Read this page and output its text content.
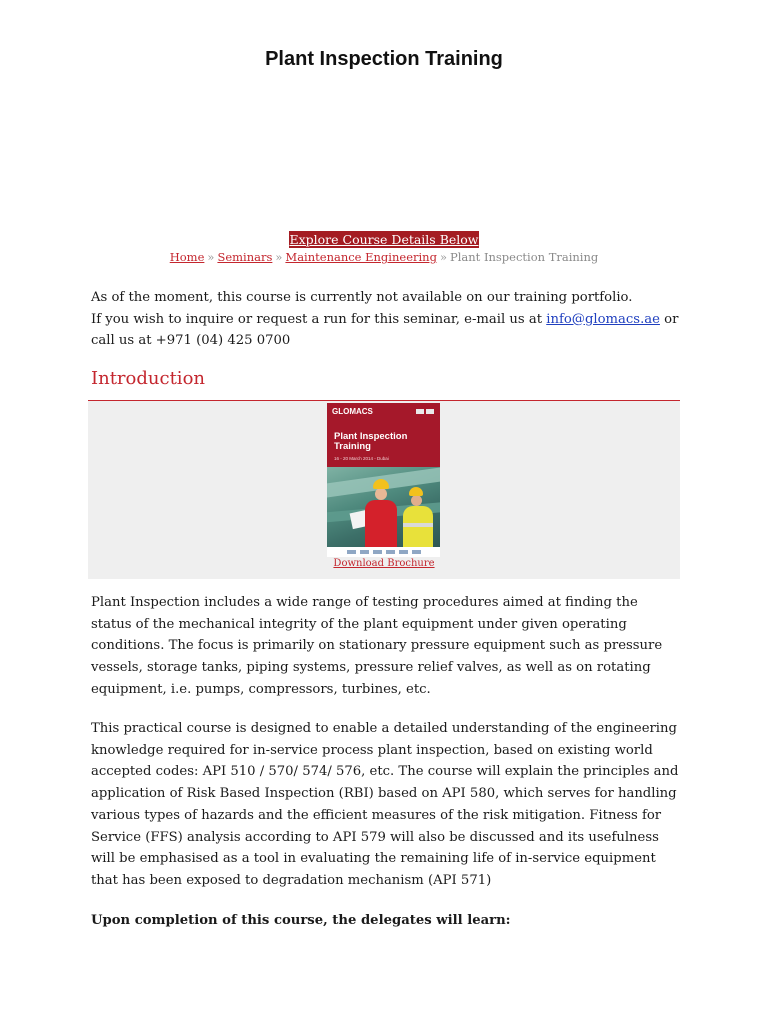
Plant Inspection Training
Explore Course Details Below
Home » Seminars » Maintenance Engineering » Plant Inspection Training
As of the moment, this course is currently not available on our training portfolio.
If you wish to inquire or request a run for this seminar, e-mail us at info@glomacs.ae or call us at +971 (04) 425 0700
Introduction
GLOMACS
Plant Inspection Training
16 - 20 March 2014 - Dubai
Download Brochure

Plant Inspection includes a wide range of testing procedures aimed at finding the status of the mechanical integrity of the plant equipment under given operating conditions. The focus is primarily on stationary pressure equipment such as pressure vessels, storage tanks, piping systems, pressure relief valves, as well as on rotating equipment, i.e. pumps, compressors, turbines, etc.

This practical course is designed to enable a detailed understanding of the engineering knowledge required for in-service process plant inspection, based on existing world accepted codes: API 510 / 570/ 574/ 576, etc. The course will explain the principles and application of Risk Based Inspection (RBI) based on API 580, which serves for handling various types of hazards and the efficient measures of the risk mitigation. Fitness for Service (FFS) analysis according to API 579 will also be discussed and its usefulness will be emphasised as a tool in evaluating the remaining life of in-service equipment that has been exposed to degradation mechanism (API 571)

Upon completion of this course, the delegates will learn:
